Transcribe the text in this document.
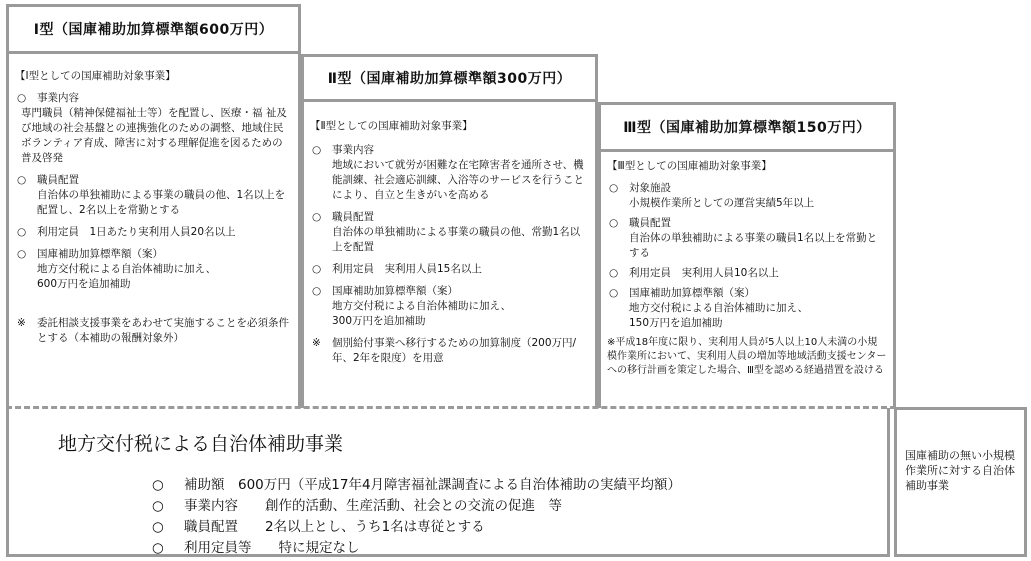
Ⅰ型（国庫補助加算標準額600万円）
【Ⅰ型としての国庫補助対象事業】
○ 事業内容
専門職員（精神保健福祉士等）を配置し、医療・福 祉及び地域の社会基盤との連携強化のための調整、地域住民ボランティア育成、障害に対する理解促進を図るための普及啓発
○ 職員配置
自治体の単独補助による事業の職員の他、1名以上を配置し、2名以上を常勤とする
○ 利用定員　1日あたり実利用人員20名以上
○ 国庫補助加算標準額（案）
地方交付税による自治体補助に加え、
600万円を追加補助
※ 委託相談支援事業をあわせて実施することを必須条件とする（本補助の報酬対象外）
Ⅱ型（国庫補助加算標準額300万円）
【Ⅱ型としての国庫補助対象事業】
○ 事業内容
地域において就労が困難な在宅障害者を通所させ、機能訓練、社会適応訓練、入浴等のサービスを行うことにより、自立と生きがいを高める
○ 職員配置
自治体の単独補助による事業の職員の他、常勤1名以上を配置
○ 利用定員　実利用人員15名以上
○ 国庫補助加算標準額（案）
地方交付税による自治体補助に加え、
300万円を追加補助
※ 個別給付事業へ移行するための加算制度（200万円/年、2年を限度）を用意
Ⅲ型（国庫補助加算標準額150万円）
【Ⅲ型としての国庫補助対象事業】
○ 対象施設
小規模作業所としての運営実績5年以上
○ 職員配置
自治体の単独補助による事業の職員1名以上を常勤とする
○ 利用定員　実利用人員10名以上
○ 国庫補助加算標準額（案）
地方交付税による自治体補助に加え、
150万円を追加補助
※平成18年度に限り、実利用人員が5人以上10人未満の小規模作業所において、実利用人員の増加等地域活動支援センターへの移行計画を策定した場合、Ⅲ型を認める経過措置を設ける
地方交付税による自治体補助事業
○ 補助額　600万円（平成17年4月障害福祉課調査による自治体補助の実績平均額）
○ 事業内容　　創作的活動、生産活動、社会との交流の促進　等
○ 職員配置　　2名以上とし、うち1名は専従とする
○ 利用定員等　　特に規定なし
国庫補助の無い小規模作業所に対する自治体補助事業
